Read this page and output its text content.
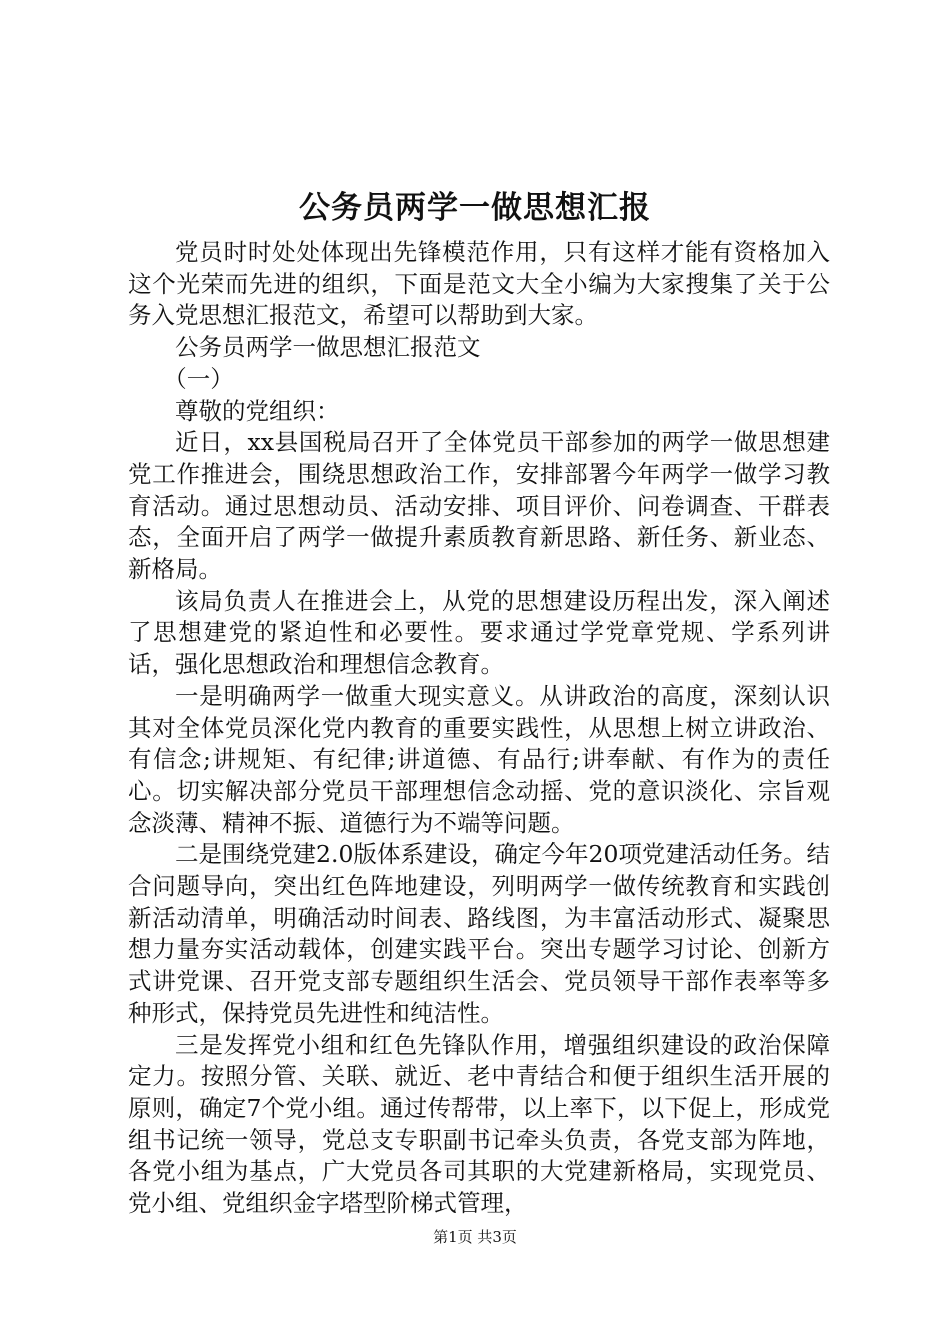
公务员两学一做思想汇报

党员时时处处体现出先锋模范作用，只有这样才能有资格加入这个光荣而先进的组织，下面是范文大全小编为大家搜集了关于公务入党思想汇报范文，希望可以帮助到大家。

公务员两学一做思想汇报范文

（一）

尊敬的党组织：

近日，xx县国税局召开了全体党员干部参加的两学一做思想建党工作推进会，围绕思想政治工作，安排部署今年两学一做学习教育活动。通过思想动员、活动安排、项目评价、问卷调查、干群表态，全面开启了两学一做提升素质教育新思路、新任务、新业态、新格局。

该局负责人在推进会上，从党的思想建设历程出发，深入阐述了思想建党的紧迫性和必要性。要求通过学党章党规、学系列讲话，强化思想政治和理想信念教育。

一是明确两学一做重大现实意义。从讲政治的高度，深刻认识其对全体党员深化党内教育的重要实践性，从思想上树立讲政治、有信念;讲规矩、有纪律;讲道德、有品行;讲奉献、有作为的责任心。切实解决部分党员干部理想信念动摇、党的意识淡化、宗旨观念淡薄、精神不振、道德行为不端等问题。

二是围绕党建2.0版体系建设，确定今年20项党建活动任务。结合问题导向，突出红色阵地建设，列明两学一做传统教育和实践创新活动清单，明确活动时间表、路线图，为丰富活动形式、凝聚思想力量夯实活动载体，创建实践平台。突出专题学习讨论、创新方式讲党课、召开党支部专题组织生活会、党员领导干部作表率等多种形式，保持党员先进性和纯洁性。

三是发挥党小组和红色先锋队作用，增强组织建设的政治保障定力。按照分管、关联、就近、老中青结合和便于组织生活开展的原则，确定7个党小组。通过传帮带，以上率下，以下促上，形成党组书记统一领导，党总支专职副书记牵头负责，各党支部为阵地，各党小组为基点，广大党员各司其职的大党建新格局，实现党员、党小组、党组织金字塔型阶梯式管理，

第1页 共3页
